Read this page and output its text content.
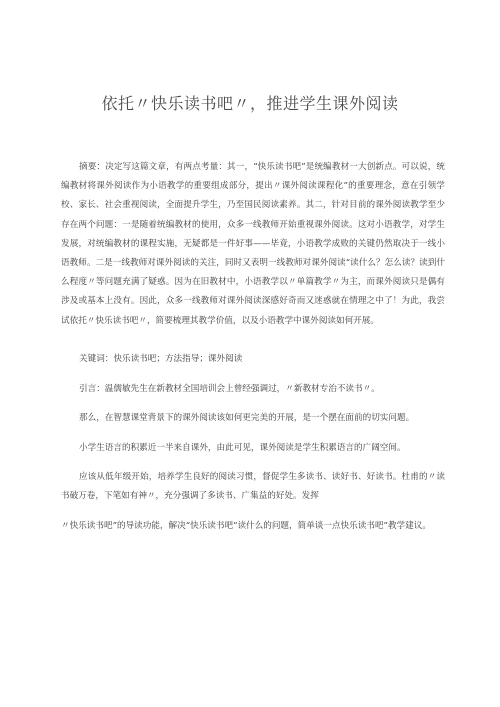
依托〃快乐读书吧〃，推进学生课外阅读

摘要：决定写这篇文章，有两点考量：其一，“快乐读书吧”是统编教材一大创新点。可以说，统编教材将课外阅读作为小语教学的重要组成部分，提出〃课外阅读课程化”的重要理念，意在引领学校、家长、社会重视阅读，全面提升学生，乃至国民阅读素养。其二，针对目前的课外阅读教学至少存在两个问题：一是随着统编教材的使用，众多一线教师开始重视课外阅读。这对小语教学，对学生发展，对统编教材的课程实施，无疑都是一件好事——毕竟，小语教学成败的关键仍然取决于一线小语教师。二是一线教师对课外阅读的关注，同时又表明一线教师对课外阅读“读什么？怎么读？读到什么程度〃等问题充满了疑惑。因为在旧教材中，小语教学以〃单篇教学〃为主，而课外阅读只是偶有涉及或基本上没有。因此，众多一线教师对课外阅读深感好奇而又迷惑就在情理之中了！为此，我尝试依托〃快乐读书吧〃，简要梳理其教学价值，以及小语教学中课外阅读如何开展。

关键词：快乐读书吧；方法指导；课外阅读

引言：温儒敏先生在新教材全国培训会上曾经强调过，〃新教材专治不读书〃。

那么，在智慧课堂背景下的课外阅读该如何更完美的开展，是一个摆在面前的切实问题。

小学生语言的积累近一半来自课外，由此可见，课外阅读是学生积累语言的广阔空间。

应该从低年级开始，培养学生良好的阅读习惯，督促学生多读书、读好书、好读书。杜甫的〃读书破万卷，下笔如有神〃，充分强调了多读书、广集益的好处。发挥

〃快乐读书吧”的导读功能，解决“快乐读书吧”读什么的问题，简单谈一点快乐读书吧”教学建议。
